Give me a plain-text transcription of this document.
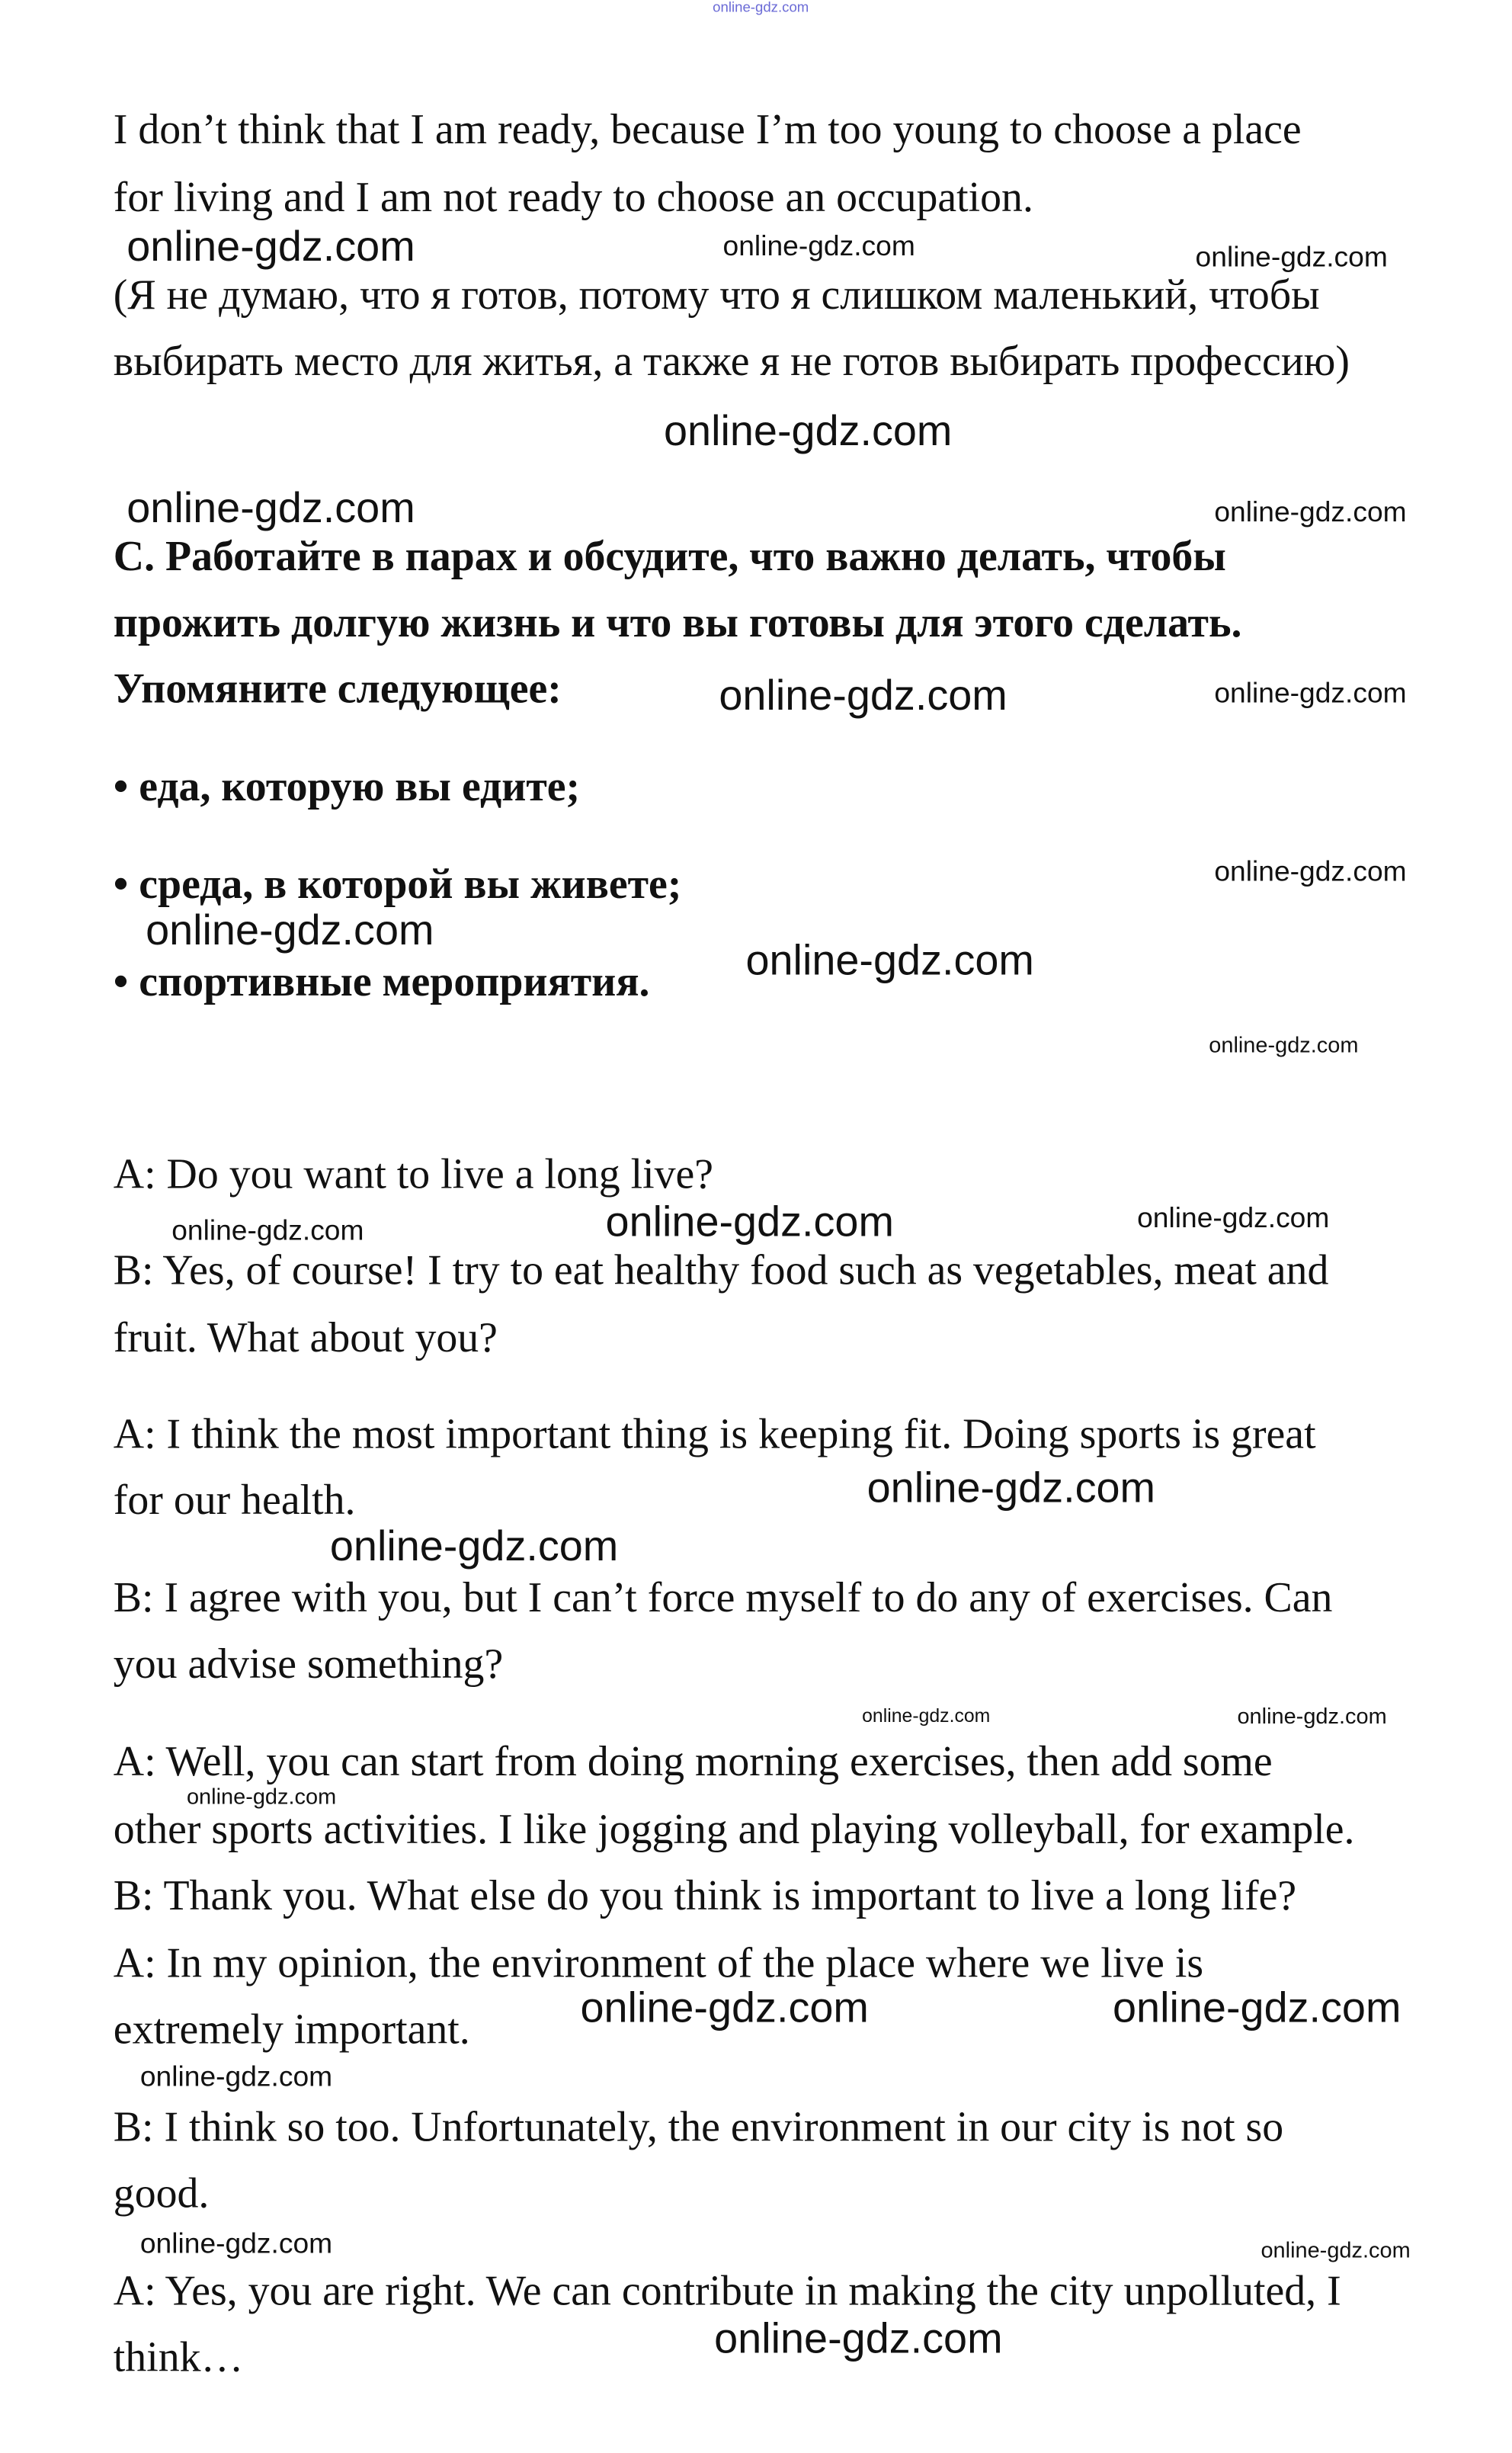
online-gdz.com
I don’t think that I am ready, because I’m too young to choose a place
for living and I am not ready to choose an occupation.
(Я не думаю, что я готов, потому что я слишком маленький, чтобы
выбирать место для житья, а также я не готов выбирать профессию)
С. Работайте в парах и обсудите, что важно делать, чтобы
прожить долгую жизнь и что вы готовы для этого сделать.
Упомяните следующее:
• еда, которую вы едите;
• среда, в которой вы живете;
• спортивные мероприятия.
A: Do you want to live a long live?
B: Yes, of course! I try to eat healthy food such as vegetables, meat and
fruit. What about you?
A: I think the most important thing is keeping fit. Doing sports is great
for our health.
B: I agree with you, but I can’t force myself to do any of exercises. Can
you advise something?
A: Well, you can start from doing morning exercises, then add some
other sports activities. I like jogging and playing volleyball, for example.
B: Thank you. What else do you think is important to live a long life?
A: In my opinion, the environment of the place where we live is
extremely important.
B: I think so too. Unfortunately, the environment in our city is not so
good.
A: Yes, you are right. We can contribute in making the city unpolluted, I
think…
online-gdz.com
online-gdz.com	online-gdz.com
online-gdz.com
online-gdz.com	online-gdz.com
online-gdz.com	online-gdz.com
online-gdz.com
online-gdz.com
online-gdz.com
online-gdz.com
online-gdz.com	online-gdz.com	online-gdz.com
online-gdz.com
online-gdz.com
online-gdz.com	online-gdz.com
online-gdz.com
online-gdz.com	online-gdz.com
online-gdz.com
online-gdz.com	online-gdz.com
online-gdz.com
